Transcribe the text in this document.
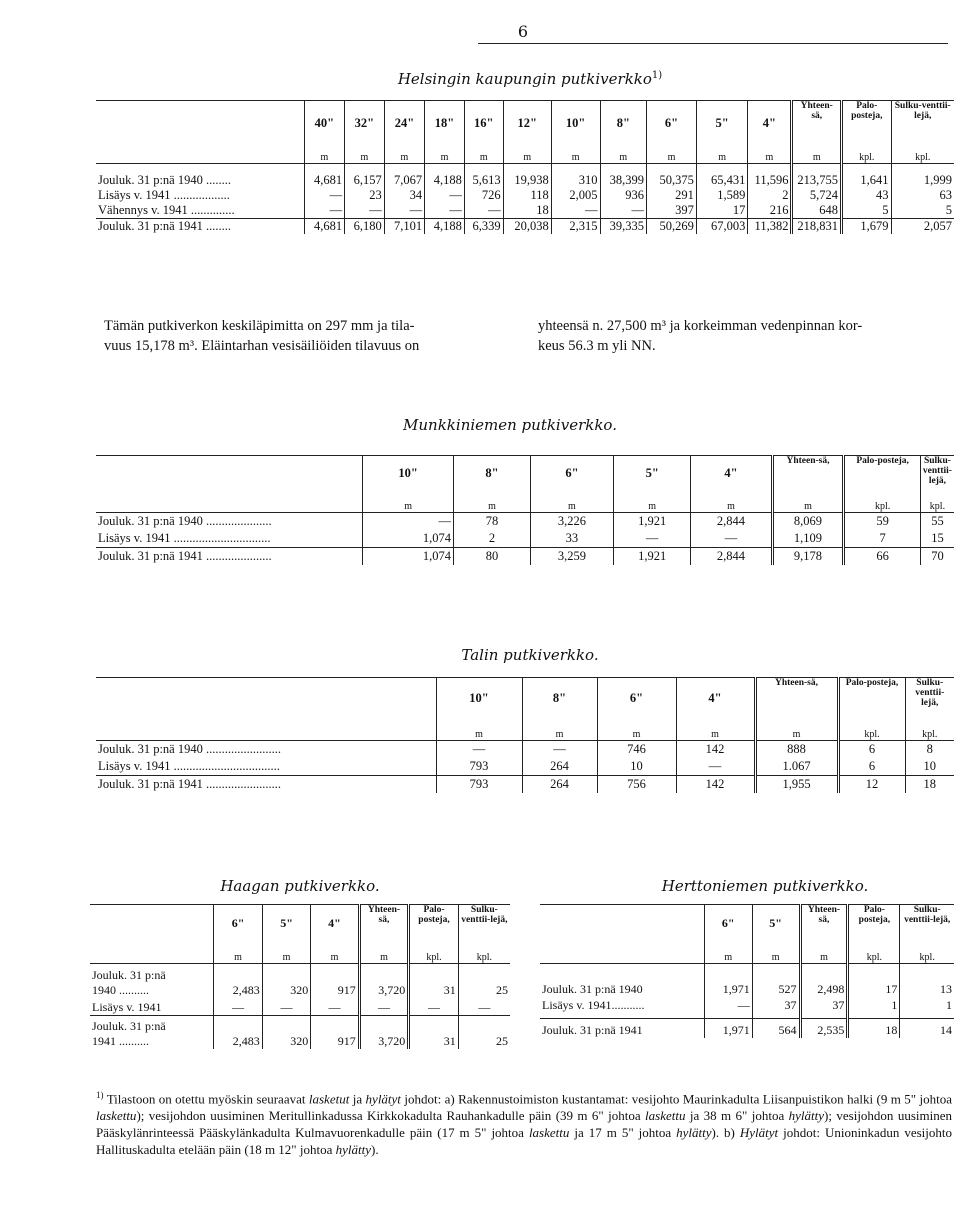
6
Helsingin kaupungin putkiverkko$^{1)}$
	40"	32"	24"	18"	16"	12"	10"	8"	6"	5"	4"	Yhteen-sä,	Palo-posteja,	Sulku-venttii-lejä,
	m	m	m	m	m	m	m	m	m	m	m	m	kpl.	kpl.

Jouluk. 31 p:nä 1940 ........	4,681	6,157	7,067	4,188	5,613	19,938	310	38,399	50,375	65,431	11,596	213,755	1,641	1,999
Lisäys v. 1941 ..................	—	23	34	—	726	118	2,005	936	291	1,589	2	5,724	43	63
Vähennys v. 1941 ..............	—	—	—	—	—	18	—	—	397	17	216	648	5	5
Jouluk. 31 p:nä 1941 ........	4,681	6,180	7,101	4,188	6,339	20,038	2,315	39,335	50,269	67,003	11,382	218,831	1,679	2,057
Tämän putkiverkon keskiläpimitta on 297 mm ja tila-
vuus 15,178 m³. Eläintarhan vesisäiliöiden tilavuus on
yhteensä n. 27,500 m³ ja korkeimman vedenpinnan kor-
keus 56.3 m yli NN.
Munkkiniemen putkiverkko.
	10"	8"	6"	5"	4"	Yhteen-sä,	Palo-posteja,	Sulku-venttii-lejä,
	m	m	m	m	m	m	kpl.	kpl.
Jouluk. 31 p:nä 1940 .....................	—	78	3,226	1,921	2,844	8,069	59	55
Lisäys v. 1941 ...............................	1,074	2	33	—	—	1,109	7	15
Jouluk. 31 p:nä 1941 .....................	1,074	80	3,259	1,921	2,844	9,178	66	70
Talin putkiverkko.
	10"	8"	6"	4"	Yhteen-sä,	Palo-posteja,	Sulku-venttii-lejä,
	m	m	m	m	m	kpl.	kpl.
Jouluk. 31 p:nä 1940 ........................	—	—	746	142	888	6	8
Lisäys v. 1941 ..................................	793	264	10	—	1.067	6	10
Jouluk. 31 p:nä 1941 ........................	793	264	756	142	1,955	12	18
Haagan putkiverkko.
	6"	5"	4"	Yhteen-sä,	Palo-posteja,	Sulku-venttii-lejä,
	m	m	m	m	kpl.	kpl.

Jouluk. 31 p:nä
1940 ..........	2,483	320	917	3,720	31	25
Lisäys v. 1941	—	—	—	—	—	—

Jouluk. 31 p:nä
1941 ..........	2,483	320	917	3,720	31	25
Herttoniemen putkiverkko.
	6"	5"	Yhteen-sä,	Palo-posteja,	Sulku-venttii-lejä,
	m	m	m	kpl.	kpl.

Jouluk. 31 p:nä 1940	1,971	527	2,498	17	13
Lisäys v. 1941...........	—	37	37	1	1

Jouluk. 31 p:nä 1941	1,971	564	2,535	18	14
$^{1)}$ Tilastoon on otettu myöskin seuraavat lasketut ja hylätyt johdot: a) Rakennustoimiston kustantamat: vesijohto Maurinkadulta Liisanpuistikon halki (9 m 5" johtoa laskettu); vesijohdon uusiminen Meritullinkadussa Kirkkokadulta Rauhankadulle päin (39 m 6" johtoa laskettu ja 38 m 6" johtoa hylätty); vesijohdon uusiminen Pääskylänrinteessä Pääskylänkadulta Kulmavuorenkadulle päin (17 m 5" johtoa laskettu ja 17 m 5" johtoa hylätty). b) Hylätyt johdot: Unioninkadun vesijohto Hallituskadulta etelään päin (18 m 12" johtoa hylätty).
